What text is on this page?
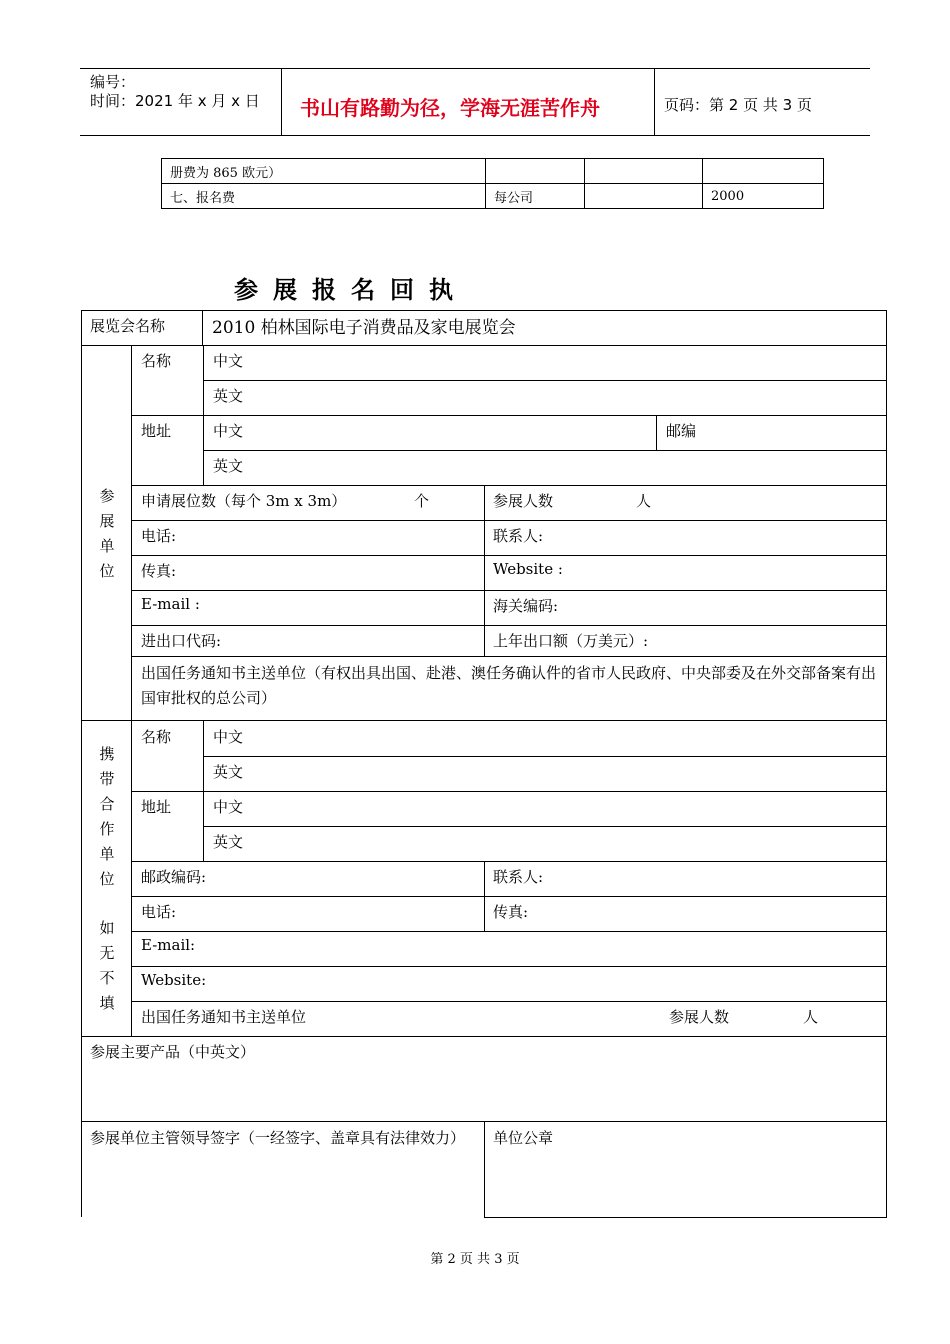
编号：
时间：2021 年 x 月 x 日 书山有路勤为径，学海无涯苦作舟	页码：第 2 页 共 3 页
册费为 865 欧元）			
七、报名费	每公司		2000
参展报名回执
展览会名称	2010 柏林国际电子消费品及家电展览会
参展单位
名称	中文
英文
地址	中文	邮编
英文
申请展位数（每个 3m x 3m）	个	参展人数	人
电话:	联系人:
传真:	Website :
E-mail :	海关编码:
进出口代码:	上年出口额（万美元）:
出国任务通知书主送单位（有权出具出国、赴港、澳任务确认件的省市人民政府、中央部委及在外交部备案有出国审批权的总公司）
携带合作单位
如无不填
名称	中文
英文
地址	中文
英文
邮政编码:	联系人:
电话:	传真:
E-mail:
Website:
出国任务通知书主送单位	参展人数	人
参展主要产品（中英文）
参展单位主管领导签字（一经签字、盖章具有法律效力）	单位公章
第 2 页 共 3 页
